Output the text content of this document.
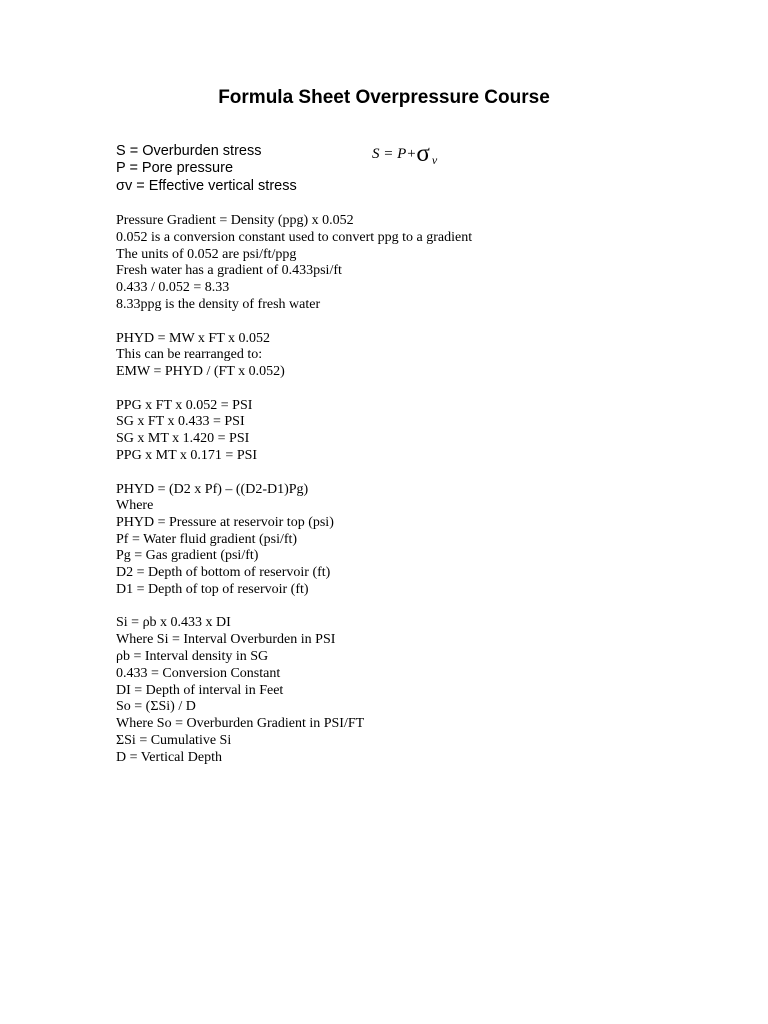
Formula Sheet Overpressure Course
S = Overburden stress
P = Pore pressure
σv = Effective vertical stress
S = P+σ $_v$
Pressure Gradient = Density (ppg) x 0.052
0.052 is a conversion constant used to convert ppg to a gradient
The units of 0.052 are psi/ft/ppg
Fresh water has a gradient of 0.433psi/ft
0.433 / 0.052 = 8.33
8.33ppg is the density of fresh water
PHYD = MW x FT x 0.052
This can be rearranged to:
EMW = PHYD / (FT x 0.052)
PPG x FT x 0.052 = PSI
SG x FT x 0.433 = PSI
SG x MT x 1.420 = PSI
PPG x MT x 0.171 = PSI
PHYD = (D2 x Pf) – ((D2-D1)Pg)
Where
PHYD = Pressure at reservoir top (psi)
Pf = Water fluid gradient (psi/ft)
Pg = Gas gradient (psi/ft)
D2 = Depth of bottom of reservoir (ft)
D1 = Depth of top of reservoir (ft)
Si = ρb x 0.433 x DI
Where Si = Interval Overburden in PSI
ρb = Interval density in SG
0.433 = Conversion Constant
DI = Depth of interval in Feet
So = (ΣSi) / D
Where So = Overburden Gradient in PSI/FT
ΣSi = Cumulative Si
D = Vertical Depth
